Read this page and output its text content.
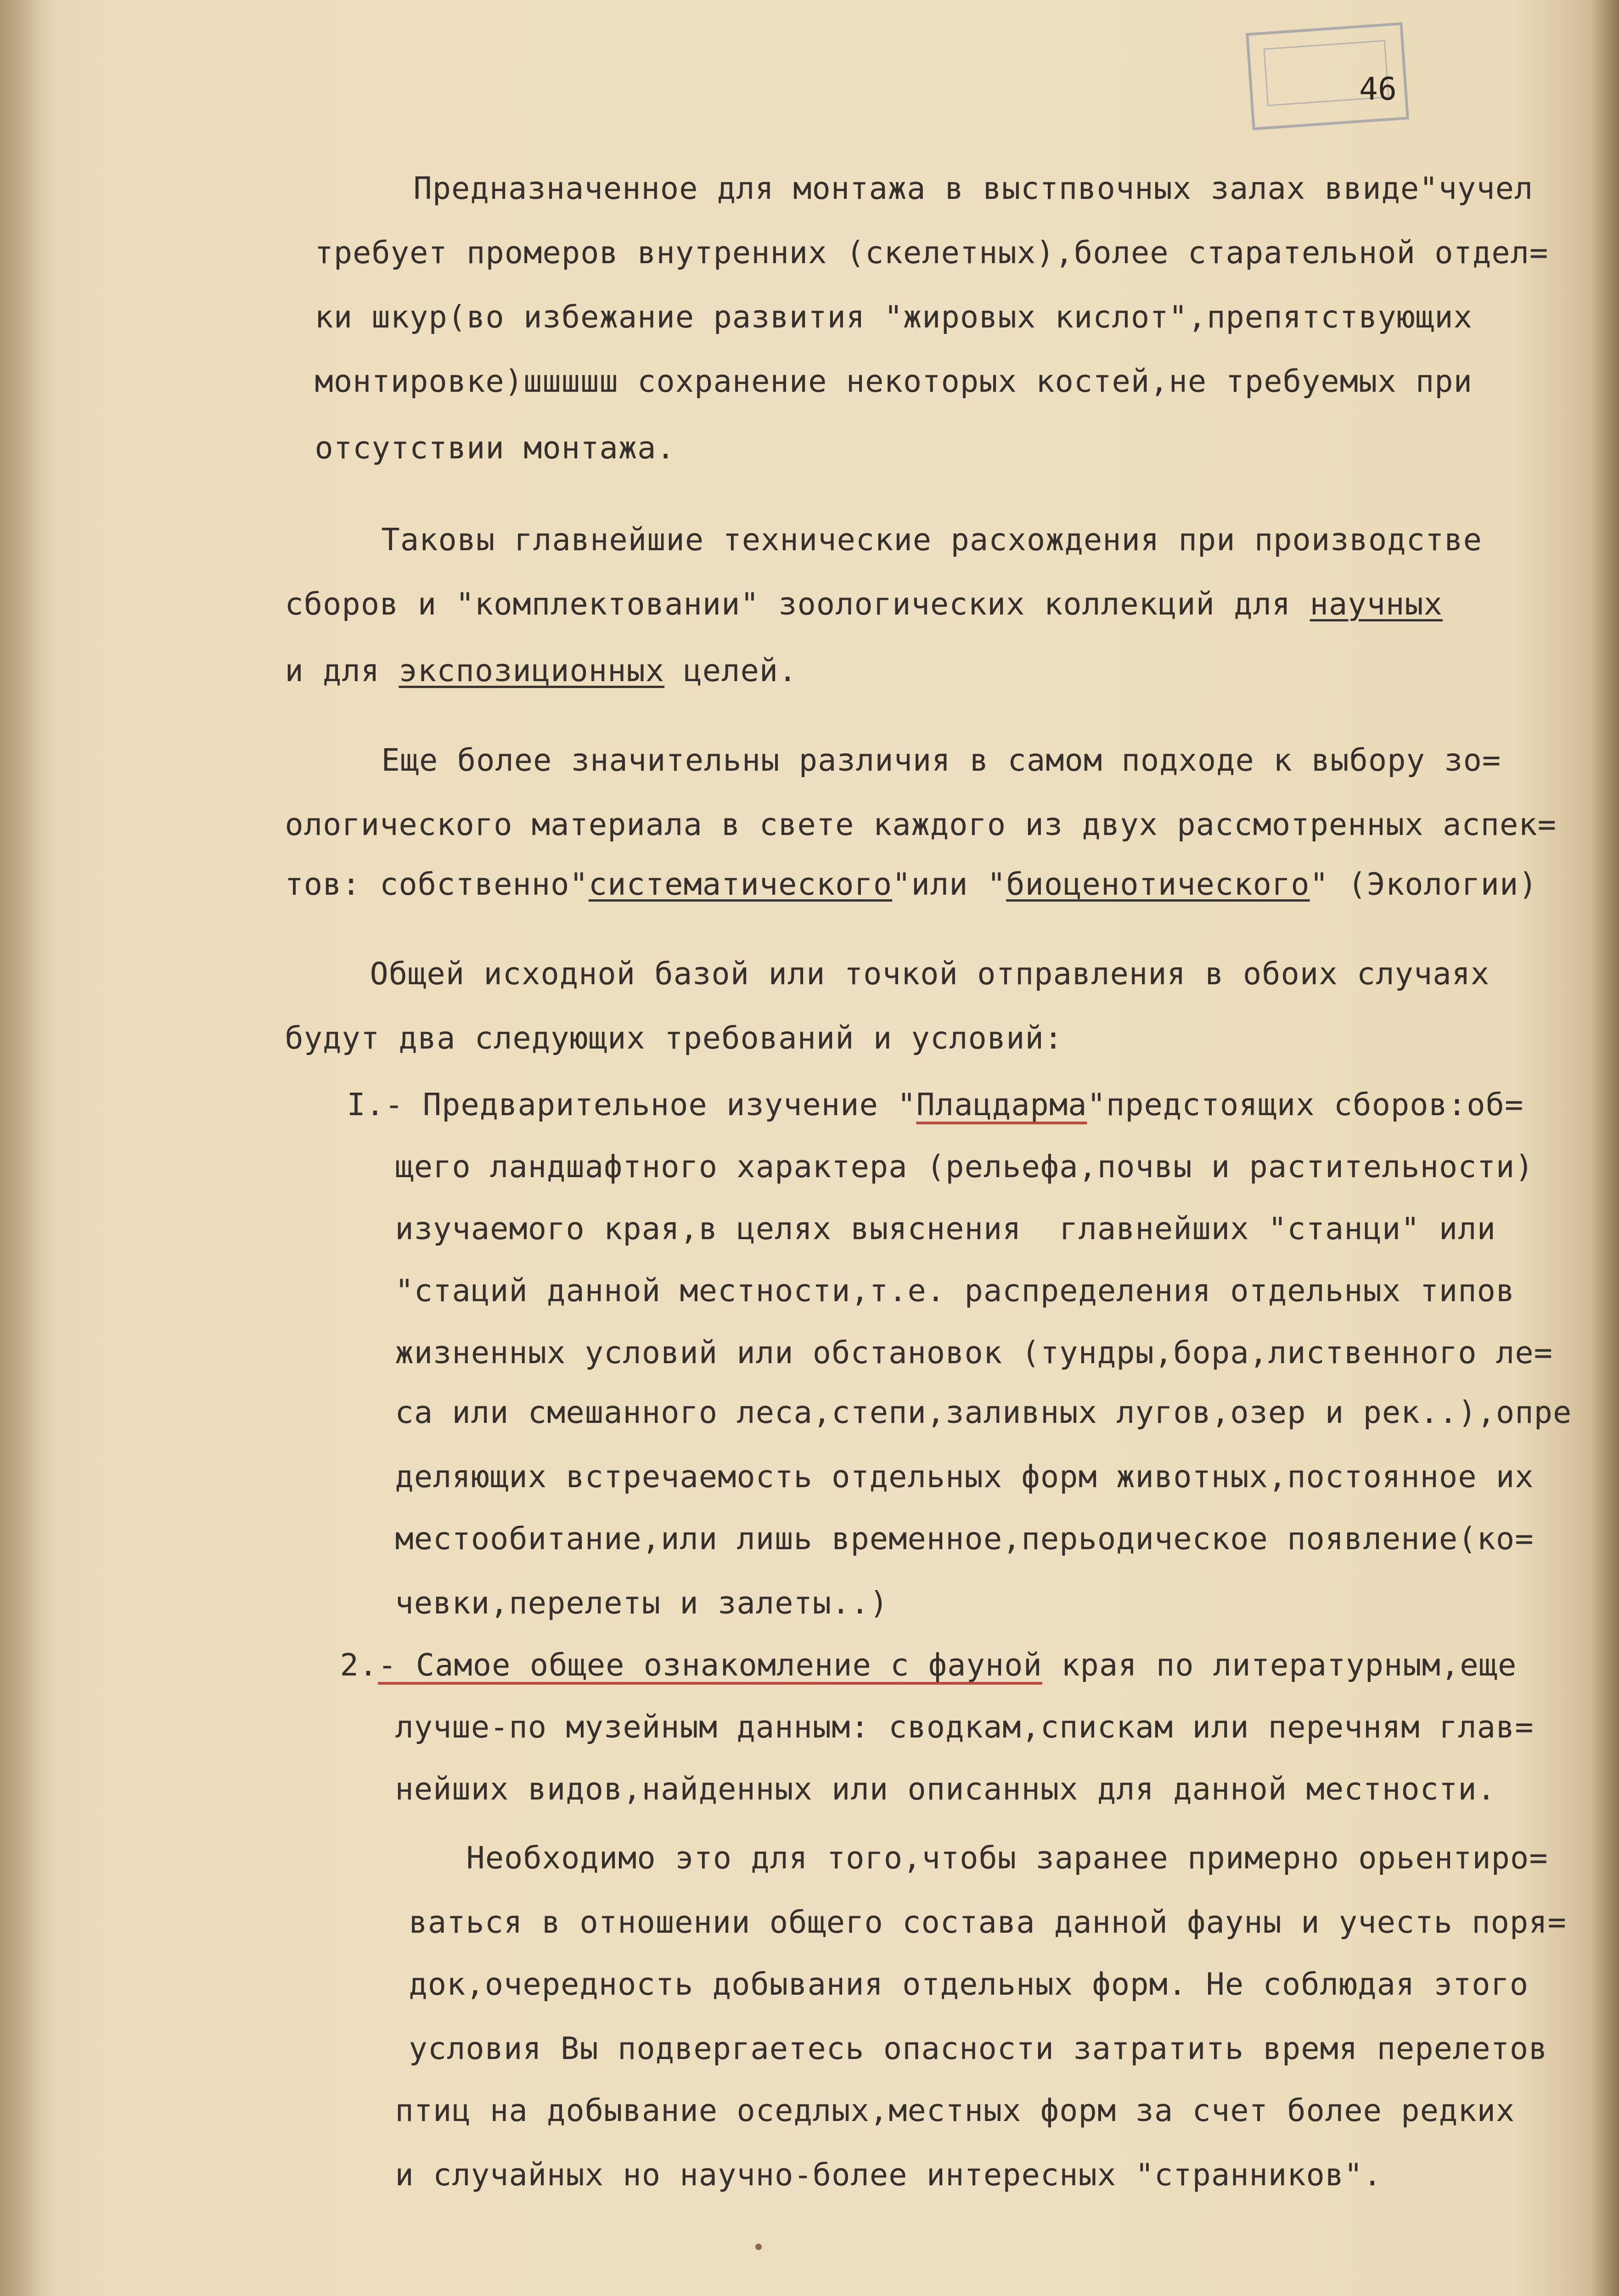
46

Предназначенное для монтажа в выстпвочных залах ввиде"чучел

требует промеров внутренних (скелетных),более старательной отдел=

ки шкур(во избежание развития "жировых кислот",препятствующих

монтировке)шшшшш сохранение некоторых костей,не требуемых при

отсутствии монтажа.

Таковы главнейшие технические расхождения при производстве

сборов и "комплектовании" зоологических коллекций для научных

и для экспозиционных целей.

Еще более значительны различия в самом подходе к выбору зо=

ологического материала в свете каждого из двух рассмотренных аспек=

тов: собственно"систематического"или "биоценотического" (Экологии)

Общей исходной базой или точкой отправления в обоих случаях

будут два следующих требований и условий:

I.- Предварительное изучение "Плацдарма"предстоящих сборов:об=

щего ландшафтного характера (рельефа,почвы и растительности)

изучаемого края,в целях выяснения  главнейших "станци" или

"стаций данной местности,т.е. распределения отдельных типов

жизненных условий или обстановок (тундры,бора,лиственного ле=

са или смешанного леса,степи,заливных лугов,озер и рек..),опре

деляющих встречаемость отдельных форм животных,постоянное их

местообитание,или лишь временное,перьодическое появление(ко=

чевки,перелеты и залеты..)

2.- Самое общее ознакомление с фауной края по литературным,еще

лучше-по музейным данным: сводкам,спискам или перечням глав=

нейших видов,найденных или описанных для данной местности.

Необходимо это для того,чтобы заранее примерно орьентиро=

ваться в отношении общего состава данной фауны и учесть поря=

док,очередность добывания отдельных форм. Не соблюдая этого

условия Вы подвергаетесь опасности затратить время перелетов

птиц на добывание оседлых,местных форм за счет более редких

и случайных но научно-более интересных "странников".
